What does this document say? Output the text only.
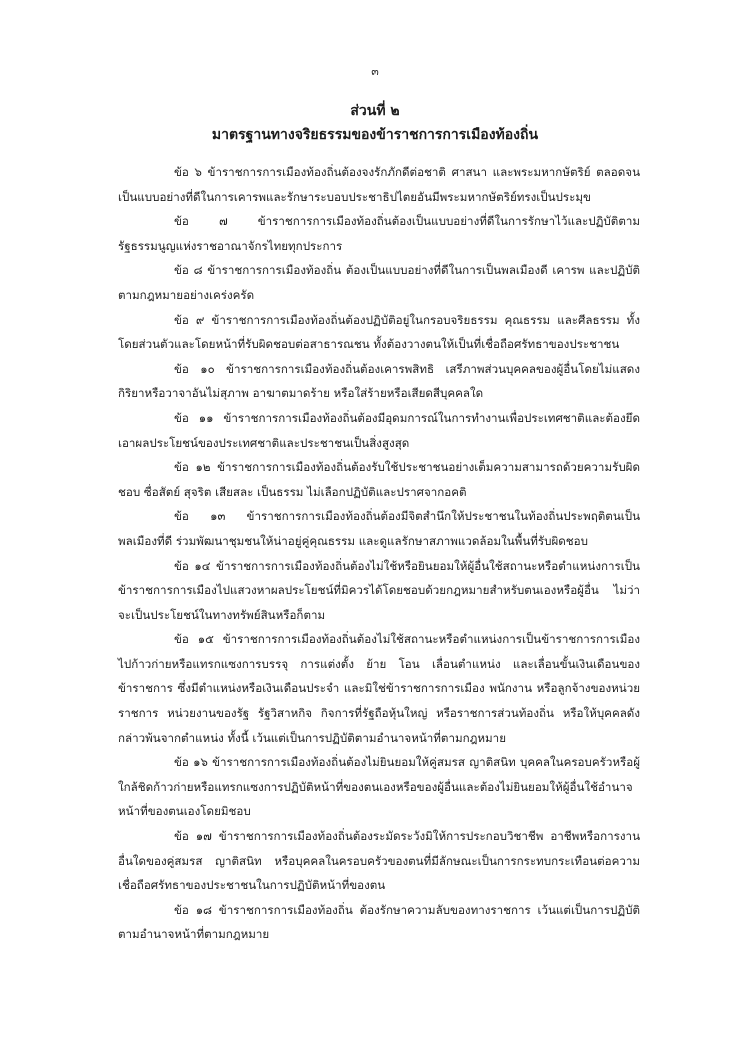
๓
ส่วนที่ ๒
มาตรฐานทางจริยธรรมของข้าราชการการเมืองท้องถิ่น

ข้อ ๖ ข้าราชการการเมืองท้องถิ่นต้องจงรักภักดีต่อชาติ ศาสนา และพระมหากษัตริย์ ตลอดจนเป็นแบบอย่างที่ดีในการเคารพและรักษาระบอบประชาธิปไตยอันมีพระมหากษัตริย์ทรงเป็นประมุข

ข้อ ๗ ข้าราชการการเมืองท้องถิ่นต้องเป็นแบบอย่างที่ดีในการรักษาไว้และปฏิบัติตามรัฐธรรมนูญแห่งราชอาณาจักรไทยทุกประการ

ข้อ ๘ ข้าราชการการเมืองท้องถิ่น ต้องเป็นแบบอย่างที่ดีในการเป็นพลเมืองดี เคารพ และปฏิบัติตามกฎหมายอย่างเคร่งครัด

ข้อ ๙ ข้าราชการการเมืองท้องถิ่นต้องปฏิบัติอยู่ในกรอบจริยธรรม คุณธรรม และศีลธรรม ทั้งโดยส่วนตัวและโดยหน้าที่รับผิดชอบต่อสาธารณชน ทั้งต้องวางตนให้เป็นที่เชื่อถือศรัทธาของประชาชน

ข้อ ๑๐ ข้าราชการการเมืองท้องถิ่นต้องเคารพสิทธิ เสรีภาพส่วนบุคคลของผู้อื่นโดยไม่แสดงกิริยาหรือวาจาอันไม่สุภาพ อาฆาตมาดร้าย หรือใส่ร้ายหรือเสียดสีบุคคลใด

ข้อ ๑๑ ข้าราชการการเมืองท้องถิ่นต้องมีอุดมการณ์ในการทำงานเพื่อประเทศชาติและต้องยึดเอาผลประโยชน์ของประเทศชาติและประชาชนเป็นสิ่งสูงสุด

ข้อ ๑๒ ข้าราชการการเมืองท้องถิ่นต้องรับใช้ประชาชนอย่างเต็มความสามารถด้วยความรับผิดชอบ ซื่อสัตย์ สุจริต เสียสละ เป็นธรรม ไม่เลือกปฏิบัติและปราศจากอคติ

ข้อ ๑๓ ข้าราชการการเมืองท้องถิ่นต้องมีจิตสำนึกให้ประชาชนในท้องถิ่นประพฤติตนเป็นพลเมืองที่ดี ร่วมพัฒนาชุมชนให้น่าอยู่คู่คุณธรรม และดูแลรักษาสภาพแวดล้อมในพื้นที่รับผิดชอบ

ข้อ ๑๔ ข้าราชการการเมืองท้องถิ่นต้องไม่ใช้หรือยินยอมให้ผู้อื่นใช้สถานะหรือตำแหน่งการเป็นข้าราชการการเมืองไปแสวงหาผลประโยชน์ที่มิควรได้โดยชอบด้วยกฎหมายสำหรับตนเองหรือผู้อื่น ไม่ว่าจะเป็นประโยชน์ในทางทรัพย์สินหรือก็ตาม

ข้อ ๑๕ ข้าราชการการเมืองท้องถิ่นต้องไม่ใช้สถานะหรือตำแหน่งการเป็นข้าราชการการเมืองไปก้าวก่ายหรือแทรกแซงการบรรจุ การแต่งตั้ง ย้าย โอน เลื่อนตำแหน่ง และเลื่อนขั้นเงินเดือนของข้าราชการ ซึ่งมีตำแหน่งหรือเงินเดือนประจำ และมิใช่ข้าราชการการเมือง พนักงาน หรือลูกจ้างของหน่วยราชการ หน่วยงานของรัฐ รัฐวิสาหกิจ กิจการที่รัฐถือหุ้นใหญ่ หรือราชการส่วนท้องถิ่น หรือให้บุคคลดังกล่าวพ้นจากตำแหน่ง ทั้งนี้ เว้นแต่เป็นการปฏิบัติตามอำนาจหน้าที่ตามกฎหมาย

ข้อ ๑๖ ข้าราชการการเมืองท้องถิ่นต้องไม่ยินยอมให้คู่สมรส ญาติสนิท บุคคลในครอบครัวหรือผู้ใกล้ชิดก้าวก่ายหรือแทรกแซงการปฏิบัติหน้าที่ของตนเองหรือของผู้อื่นและต้องไม่ยินยอมให้ผู้อื่นใช้อำนาจหน้าที่ของตนเองโดยมิชอบ

ข้อ ๑๗ ข้าราชการการเมืองท้องถิ่นต้องระมัดระวังมิให้การประกอบวิชาชีพ อาชีพหรือการงานอื่นใดของคู่สมรส ญาติสนิท หรือบุคคลในครอบครัวของตนที่มีลักษณะเป็นการกระทบกระเทือนต่อความเชื่อถือศรัทธาของประชาชนในการปฏิบัติหน้าที่ของตน

ข้อ ๑๘ ข้าราชการการเมืองท้องถิ่น ต้องรักษาความลับของทางราชการ เว้นแต่เป็นการปฏิบัติตามอำนาจหน้าที่ตามกฎหมาย
